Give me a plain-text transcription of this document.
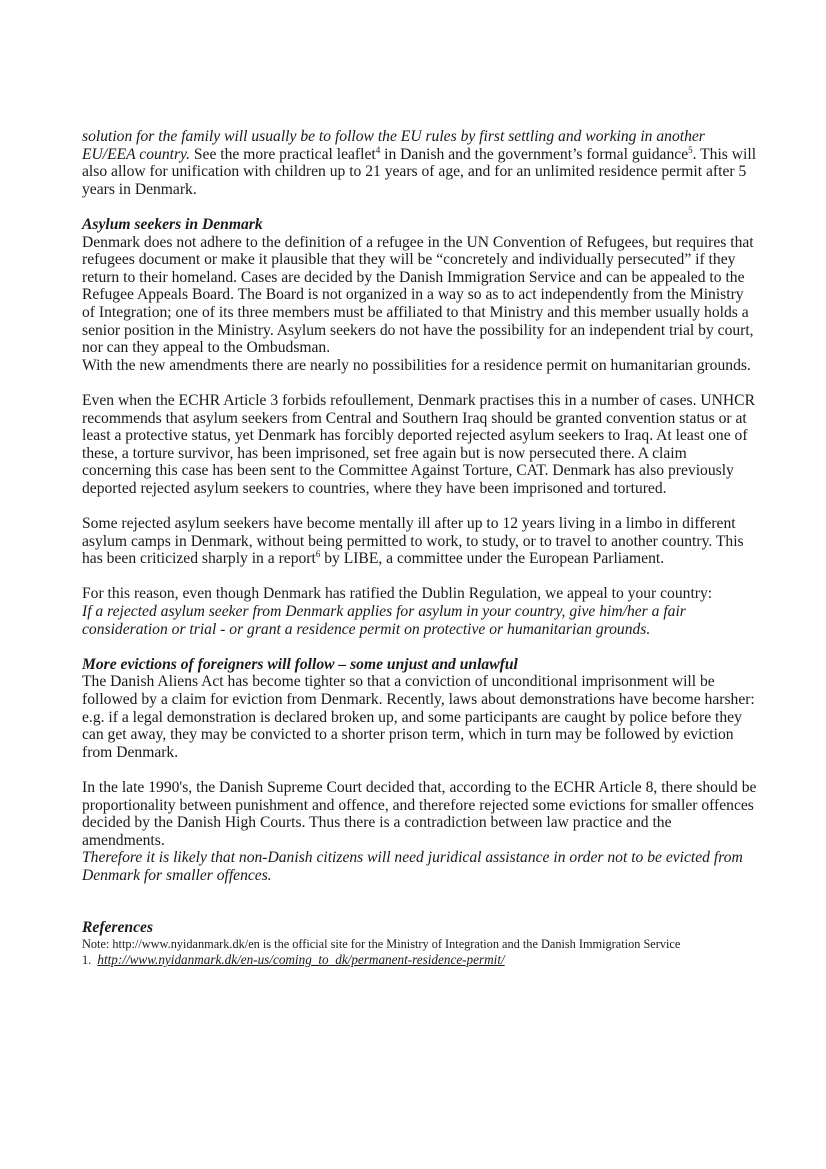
solution for the family will usually be to follow the EU rules by first settling and working in another EU/EEA country. See the more practical leaflet$^4$ in Danish and the government’s formal guidance$^5$. This will also allow for unification with children up to 21 years of age, and for an unlimited residence permit after 5 years in Denmark.

Asylum seekers in Denmark

Denmark does not adhere to the definition of a refugee in the UN Convention of Refugees, but requires that refugees document or make it plausible that they will be “concretely and individually persecuted” if they return to their homeland. Cases are decided by the Danish Immigration Service and can be appealed to the Refugee Appeals Board. The Board is not organized in a way so as to act independently from the Ministry of Integration; one of its three members must be affiliated to that Ministry and this member usually holds a senior position in the Ministry. Asylum seekers do not have the possibility for an independent trial by court, nor can they appeal to the Ombudsman.

With the new amendments there are nearly no possibilities for a residence permit on humanitarian grounds.

Even when the ECHR Article 3 forbids refoullement, Denmark practises this in a number of cases. UNHCR recommends that asylum seekers from Central and Southern Iraq should be granted convention status or at least a protective status, yet Denmark has forcibly deported rejected asylum seekers to Iraq. At least one of these, a torture survivor, has been imprisoned, set free again but is now persecuted there. A claim concerning this case has been sent to the Committee Against Torture, CAT. Denmark has also previously deported rejected asylum seekers to countries, where they have been imprisoned and tortured.

Some rejected asylum seekers have become mentally ill after up to 12 years living in a limbo in different asylum camps in Denmark, without being permitted to work, to study, or to travel to another country. This has been criticized sharply in a report$^6$ by LIBE, a committee under the European Parliament.

For this reason, even though Denmark has ratified the Dublin Regulation, we appeal to your country:

If a rejected asylum seeker from Denmark applies for asylum in your country, give him/her a fair consideration or trial - or grant a residence permit on protective or humanitarian grounds.

More evictions of foreigners will follow – some unjust and unlawful

The Danish Aliens Act has become tighter so that a conviction of unconditional imprisonment will be followed by a claim for eviction from Denmark. Recently, laws about demonstrations have become harsher: e.g. if a legal demonstration is declared broken up, and some participants are caught by police before they can get away, they may be convicted to a shorter prison term, which in turn may be followed by eviction from Denmark.

In the late 1990's, the Danish Supreme Court decided that, according to the ECHR Article 8, there should be proportionality between punishment and offence, and therefore rejected some evictions for smaller offences decided by the Danish High Courts. Thus there is a contradiction between law practice and the amendments.

Therefore it is likely that non-Danish citizens will need juridical assistance in order not to be evicted from Denmark for smaller offences.

References

Note: http://www.nyidanmark.dk/en is the official site for the Ministry of Integration and the Danish Immigration Service

1. http://www.nyidanmark.dk/en-us/coming_to_dk/permanent-residence-permit/
